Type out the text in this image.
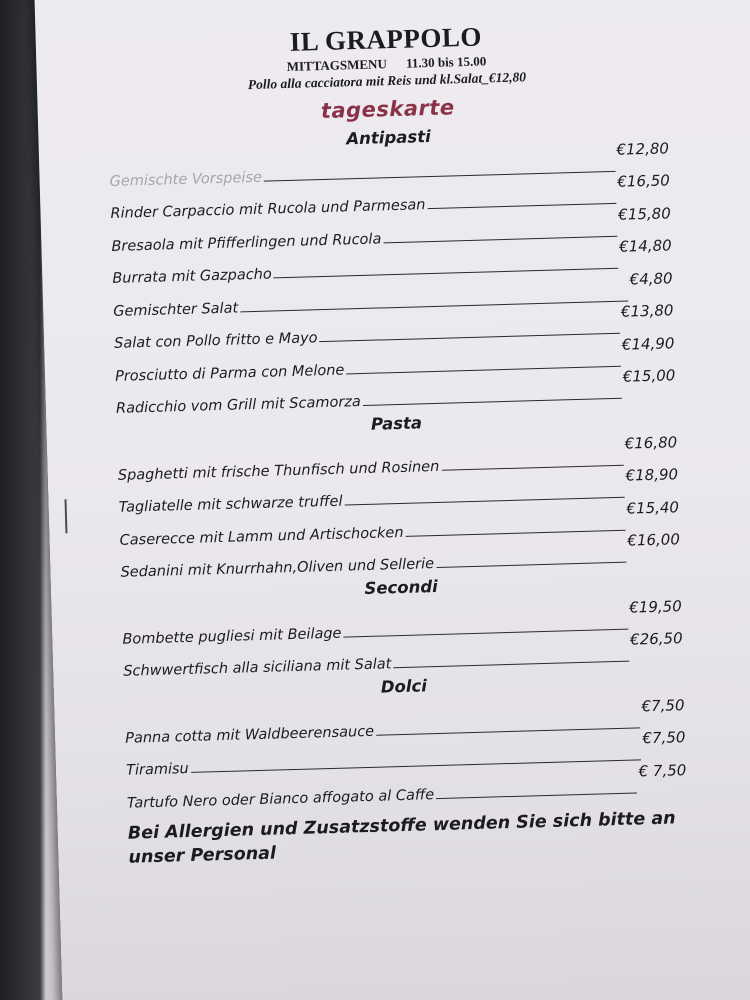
IL GRAPPOLO
MITTAGSMENU 11.30 bis 15.00
Pollo alla cacciatora mit Reis und kl.Salat_€12,80
tageskarte
Antipasti
Gemischte Vorspeise
€12,80
Rinder Carpaccio mit Rucola und Parmesan
€16,50
Bresaola mit Pfifferlingen und Rucola
€15,80
Burrata mit Gazpacho
€14,80
Gemischter Salat
€4,80
Salat con Pollo fritto e Mayo
€13,80
Prosciutto di Parma con Melone
€14,90
Radicchio vom Grill mit Scamorza
€15,00
Pasta
Spaghetti mit frische Thunfisch und Rosinen
€16,80
Tagliatelle mit schwarze truffel
€18,90
Caserecce mit Lamm und Artischocken
€15,40
Sedanini mit Knurrhahn,Oliven und Sellerie
€16,00
Secondi
Bombette pugliesi mit Beilage
€19,50
Schwwertfisch alla siciliana mit Salat
€26,50
Dolci
Panna cotta mit Waldbeerensauce
€7,50
Tiramisu
€7,50
Tartufo Nero oder Bianco affogato al Caffe
€ 7,50
Bei Allergien und Zusatzstoffe wenden Sie sich bitte an unser Personal
